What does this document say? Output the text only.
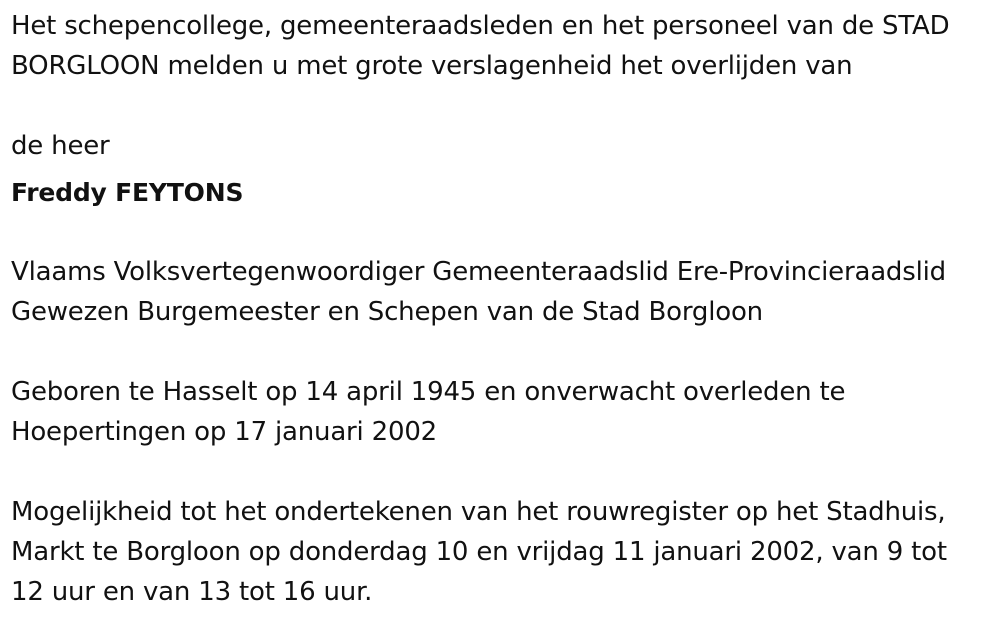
Het schepencollege, gemeenteraadsleden en het personeel van de STAD
BORGLOON melden u met grote verslagenheid het overlijden van
de heer
Freddy FEYTONS
Vlaams Volksvertegenwoordiger Gemeenteraadslid Ere-Provincieraadslid
Gewezen Burgemeester en Schepen van de Stad Borgloon
Geboren te Hasselt op 14 april 1945 en onverwacht overleden te
Hoepertingen op 17 januari 2002
Mogelijkheid tot het ondertekenen van het rouwregister op het Stadhuis,
Markt te Borgloon op donderdag 10 en vrijdag 11 januari 2002, van 9 tot
12 uur en van 13 tot 16 uur.
